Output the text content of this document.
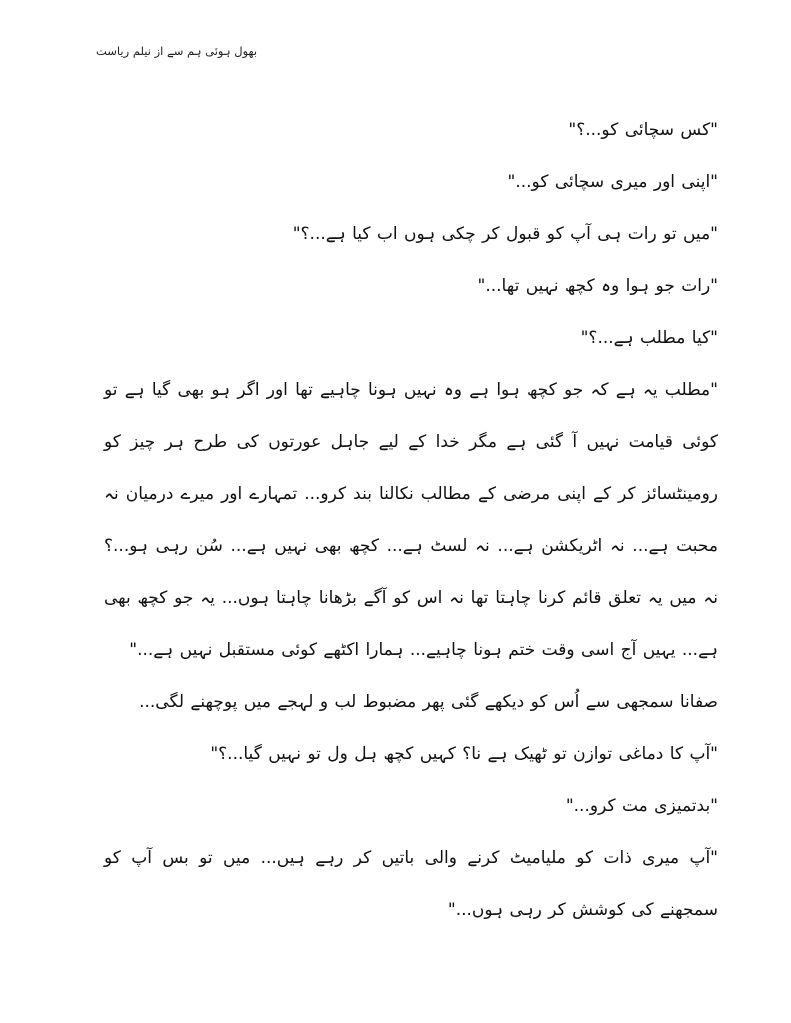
بھول ہوئی ہم سے از نیلم ریاست

"کس سچائی کو...؟"

"اپنی اور میری سچائی کو..."

"میں تو رات ہی آپ کو قبول کر چکی ہوں اب کیا ہے...؟"

"رات جو ہوا وہ کچھ نہیں تھا..."

"کیا مطلب ہے...؟"

"مطلب یہ ہے کہ جو کچھ ہوا ہے وہ نہیں ہونا چاہیے تھا اور اگر ہو بھی گیا ہے تو کوئی قیامت نہیں آ گئی ہے مگر خدا کے لیے جاہل عورتوں کی طرح ہر چیز کو رومینٹسائز کر کے اپنی مرضی کے مطالب نکالنا بند کرو... تمہارے اور میرے درمیان نہ محبت ہے... نہ اٹریکشن ہے... نہ لسٹ ہے... کچھ بھی نہیں ہے... سُن رہی ہو...؟ نہ میں یہ تعلق قائم کرنا چاہتا تھا نہ اس کو آگے بڑھانا چاہتا ہوں... یہ جو کچھ بھی ہے... یہیں آج اسی وقت ختم ہونا چاہیے... ہمارا اکٹھے کوئی مستقبل نہیں ہے..."

صفانا سمجھی سے اُس کو دیکھے گئی پھر مضبوط لب و لہجے میں پوچھنے لگی...

"آپ کا دماغی توازن تو ٹھیک ہے نا؟ کہیں کچھ ہل ول تو نہیں گیا...؟"

"بدتمیزی مت کرو..."

"آپ میری ذات کو ملیامیٹ کرنے والی باتیں کر رہے ہیں... میں تو بس آپ کو سمجھنے کی کوشش کر رہی ہوں..."
